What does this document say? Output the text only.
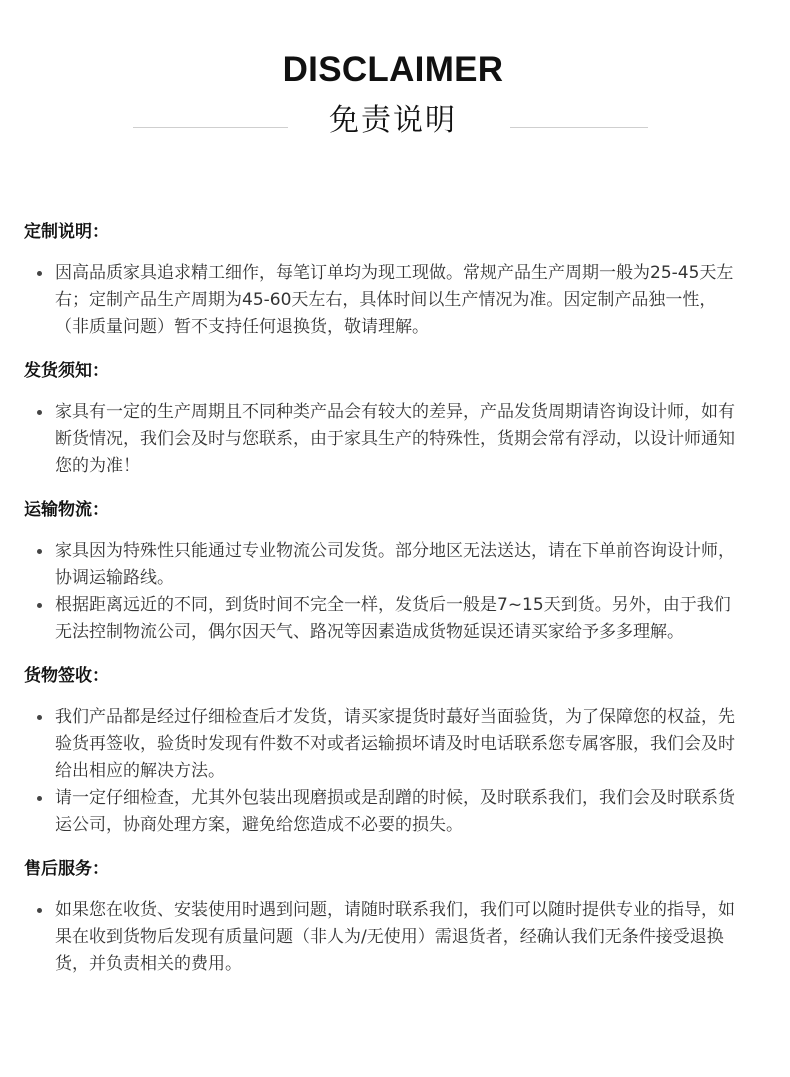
DISCLAIMER
免责说明
定制说明：
因高品质家具追求精工细作，每笔订单均为现工现做。常规产品生产周期一般为25-45天左右；定制产品生产周期为45-60天左右，具体时间以生产情况为准。因定制产品独一性，（非质量问题）暂不支持任何退换货，敬请理解。
发货须知：
家具有一定的生产周期且不同种类产品会有较大的差异，产品发货周期请咨询设计师，如有断货情况，我们会及时与您联系，由于家具生产的特殊性，货期会常有浮动，以设计师通知您的为准！
运输物流：
家具因为特殊性只能通过专业物流公司发货。部分地区无法送达，请在下单前咨询设计师，协调运输路线。
根据距离远近的不同，到货时间不完全一样，发货后一般是7~15天到货。另外，由于我们无法控制物流公司，偶尔因天气、路况等因素造成货物延误还请买家给予多多理解。
货物签收：
我们产品都是经过仔细检查后才发货，请买家提货时蕞好当面验货，为了保障您的权益，先验货再签收，验货时发现有件数不对或者运输损坏请及时电话联系您专属客服，我们会及时给出相应的解决方法。
请一定仔细检查，尤其外包装出现磨损或是刮蹭的时候，及时联系我们，我们会及时联系货运公司，协商处理方案，避免给您造成不必要的损失。
售后服务：
如果您在收货、安装使用时遇到问题，请随时联系我们，我们可以随时提供专业的指导，如果在收到货物后发现有质量问题（非人为/无使用）需退货者，经确认我们无条件接受退换货，并负责相关的费用。
